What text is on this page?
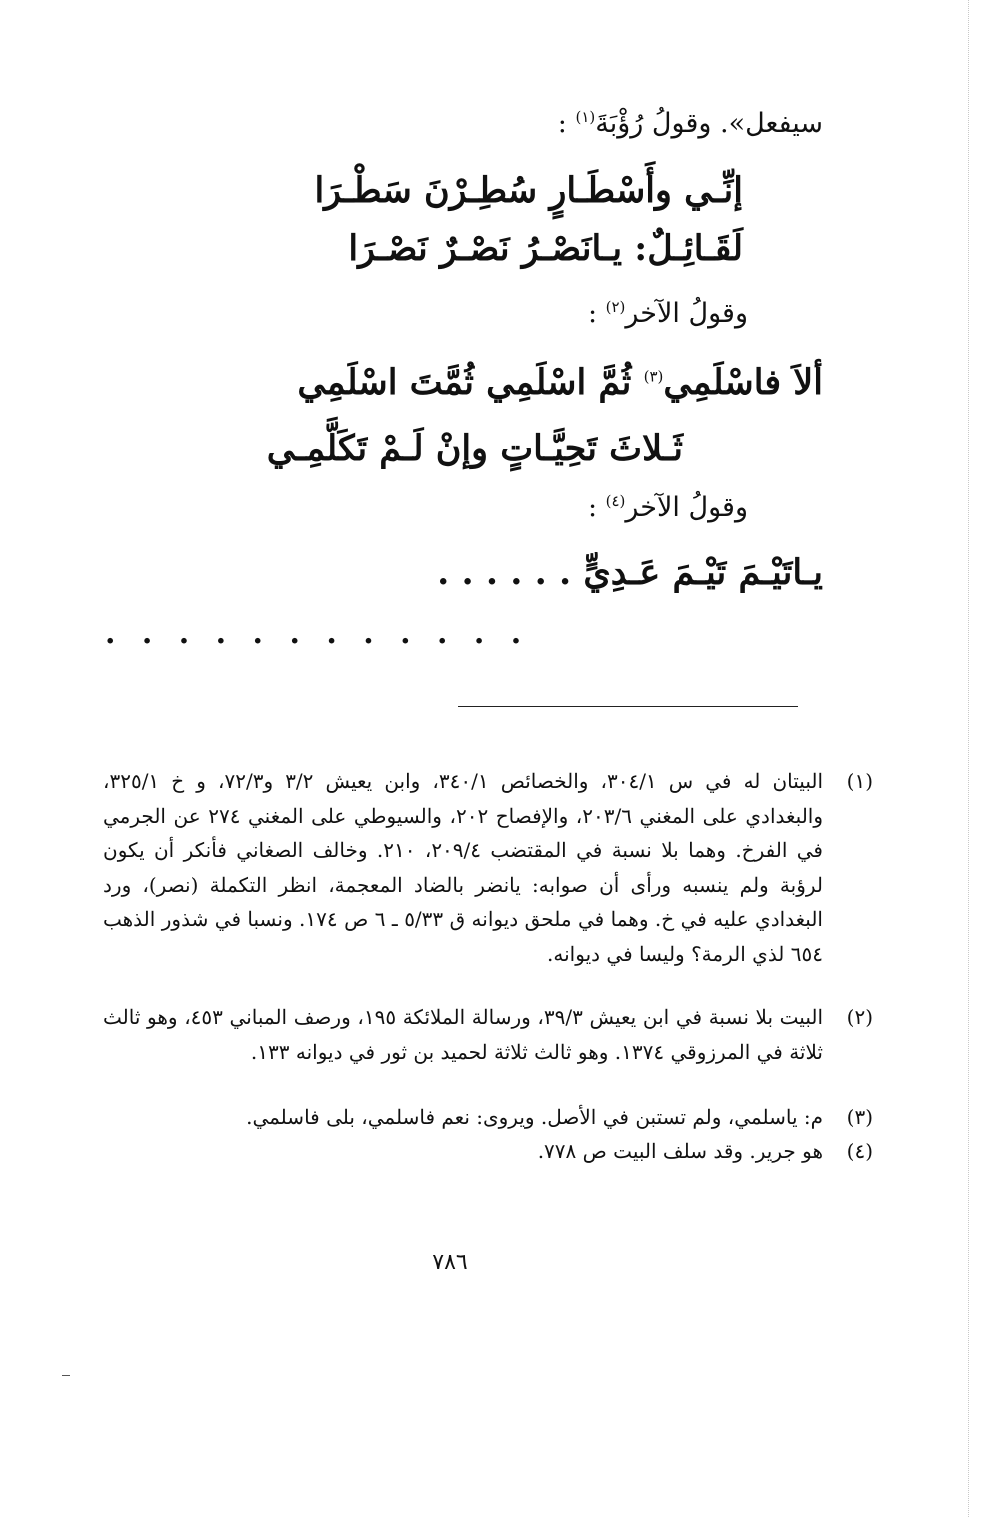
سيفعل». وقولُ رُؤْبَةَ$^{(١)}$ :
إنِّـي وأَسْطَـارٍ سُطِـرْنَ سَطْـرَا
لَقَـائِـلٌ: يـانَصْـرُ نَصْـرٌ نَصْـرَا
وقولُ الآخر$^{(٢)}$ :
ألاَ فاسْلَمِي$^{(٣)}$ ثُمَّ اسْلَمِي ثُمَّتَ اسْلَمِي
ثَـلاثَ تَحِيَّـاتٍ وإنْ لَـمْ تَكَلَّمِـي
وقولُ الآخر$^{(٤)}$ :
يـاتَيْـمَ تَيْـمَ عَـدِيٍّ . . . . . .
. . . . . . . . . . . .
(١)
البيتان له في س ٣٠٤/١، والخصائص ٣٤٠/١، وابن يعيش ٣/٢ و٧٢/٣، و خ ٣٢٥/١، والبغدادي على المغني ٢٠٣/٦، والإفصاح ٢٠٢، والسيوطي على المغني ٢٧٤ عن الجرمي في الفرخ. وهما بلا نسبة في المقتضب ٢٠٩/٤، ٢١٠. وخالف الصغاني فأنكر أن يكون لرؤبة ولم ينسبه ورأى أن صوابه: يانضر بالضاد المعجمة، انظر التكملة (نصر)، ورد البغدادي عليه في خ. وهما في ملحق ديوانه ق ٥/٣٣ ـ ٦ ص ١٧٤. ونسبا في شذور الذهب ٦٥٤ لذي الرمة؟ وليسا في ديوانه.
(٢)
البيت بلا نسبة في ابن يعيش ٣٩/٣، ورسالة الملائكة ١٩٥، ورصف المباني ٤٥٣، وهو ثالث ثلاثة في المرزوقي ١٣٧٤. وهو ثالث ثلاثة لحميد بن ثور في ديوانه ١٣٣.
(٣)
م: ياسلمي، ولم تستبن في الأصل. ويروى: نعم فاسلمي، بلى فاسلمي.
(٤)
هو جرير. وقد سلف البيت ص ٧٧٨.
٧٨٦
